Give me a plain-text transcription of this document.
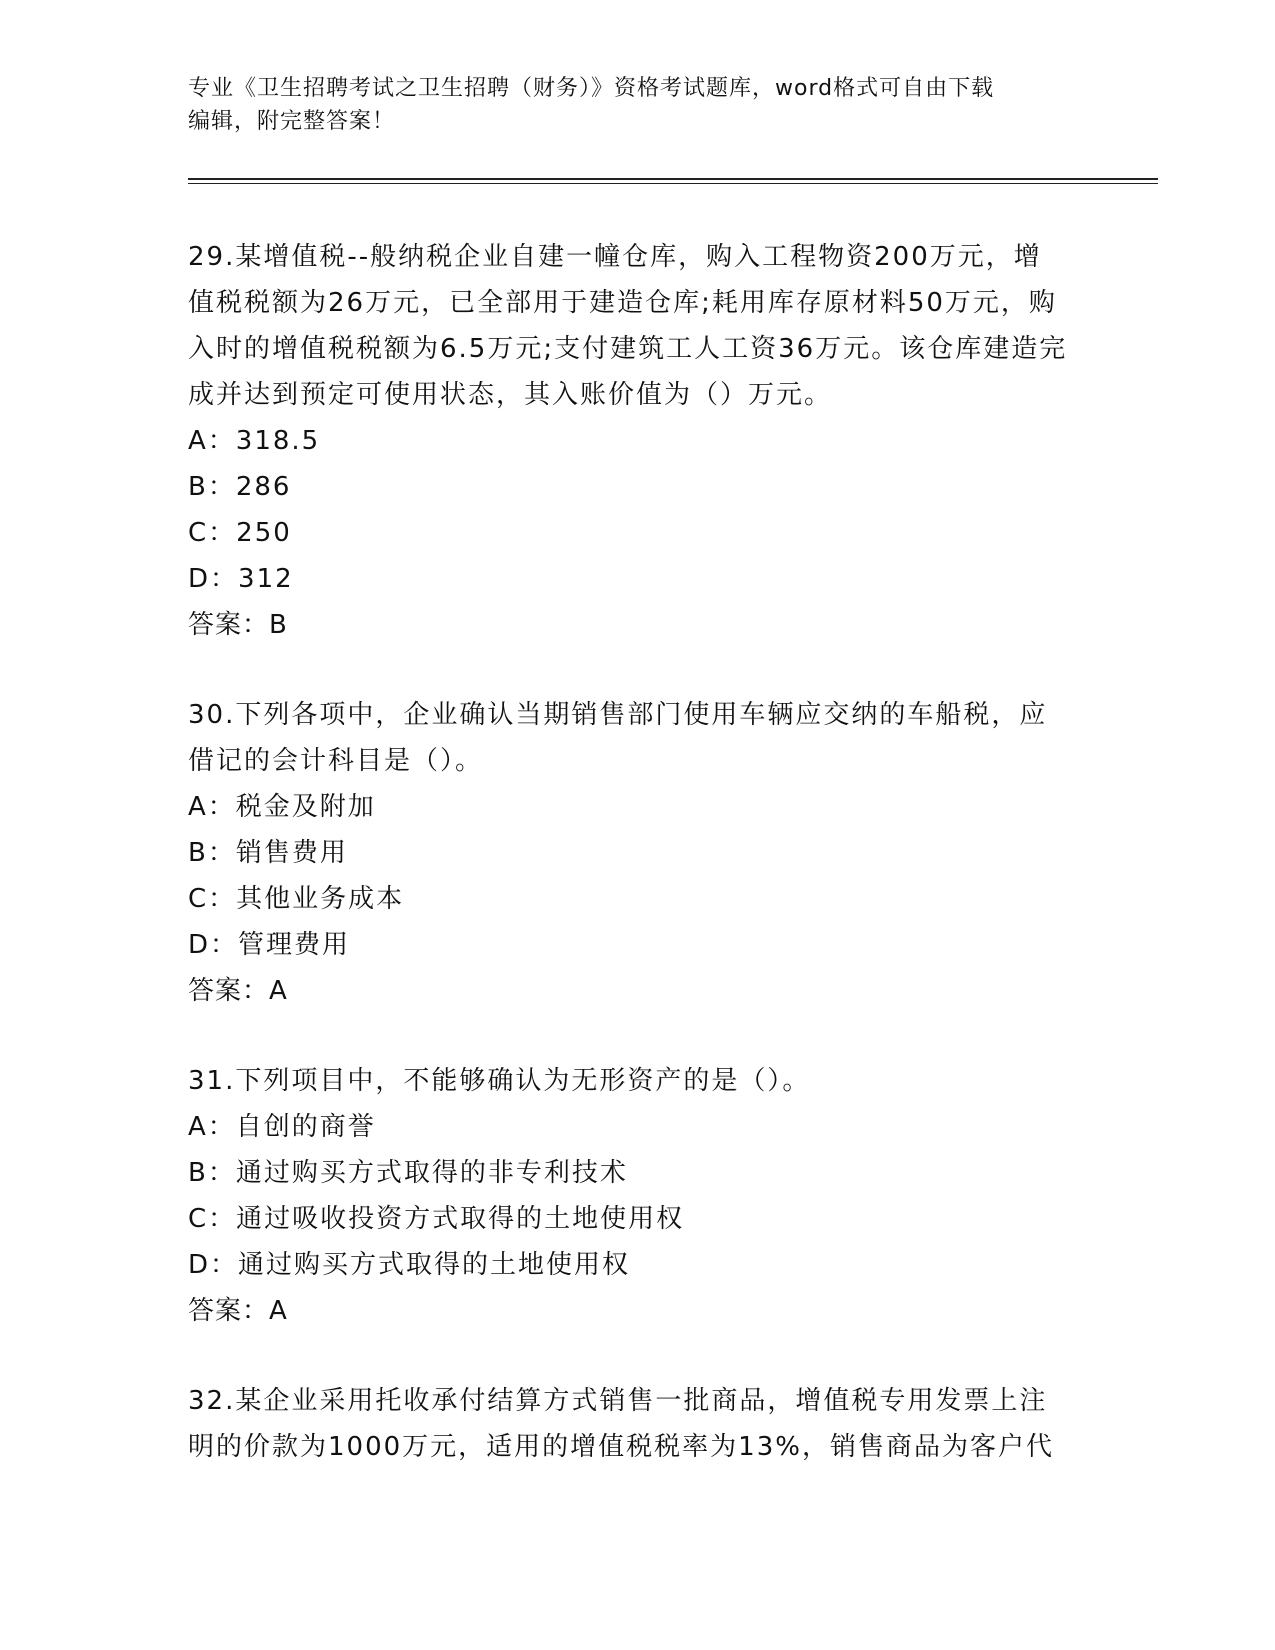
专业《卫生招聘考试之卫生招聘（财务）》资格考试题库，word格式可自由下载
编辑，附完整答案！
29.某增值税--般纳税企业自建一幢仓库，购入工程物资200万元，增值税税额为26万元，已全部用于建造仓库;耗用库存原材料50万元，购入时的增值税税额为6.5万元;支付建筑工人工资36万元。该仓库建造完成并达到预定可使用状态，其入账价值为（）万元。
A：318.5
B：286
C：250
D：312
答案：B
30.下列各项中，企业确认当期销售部门使用车辆应交纳的车船税，应借记的会计科目是（）。
A：税金及附加
B：销售费用
C：其他业务成本
D：管理费用
答案：A
31.下列项目中，不能够确认为无形资产的是（）。
A：自创的商誉
B：通过购买方式取得的非专利技术
C：通过吸收投资方式取得的土地使用权
D：通过购买方式取得的土地使用权
答案：A
32.某企业采用托收承付结算方式销售一批商品，增值税专用发票上注明的价款为1000万元，适用的增值税税率为13%，销售商品为客户代
